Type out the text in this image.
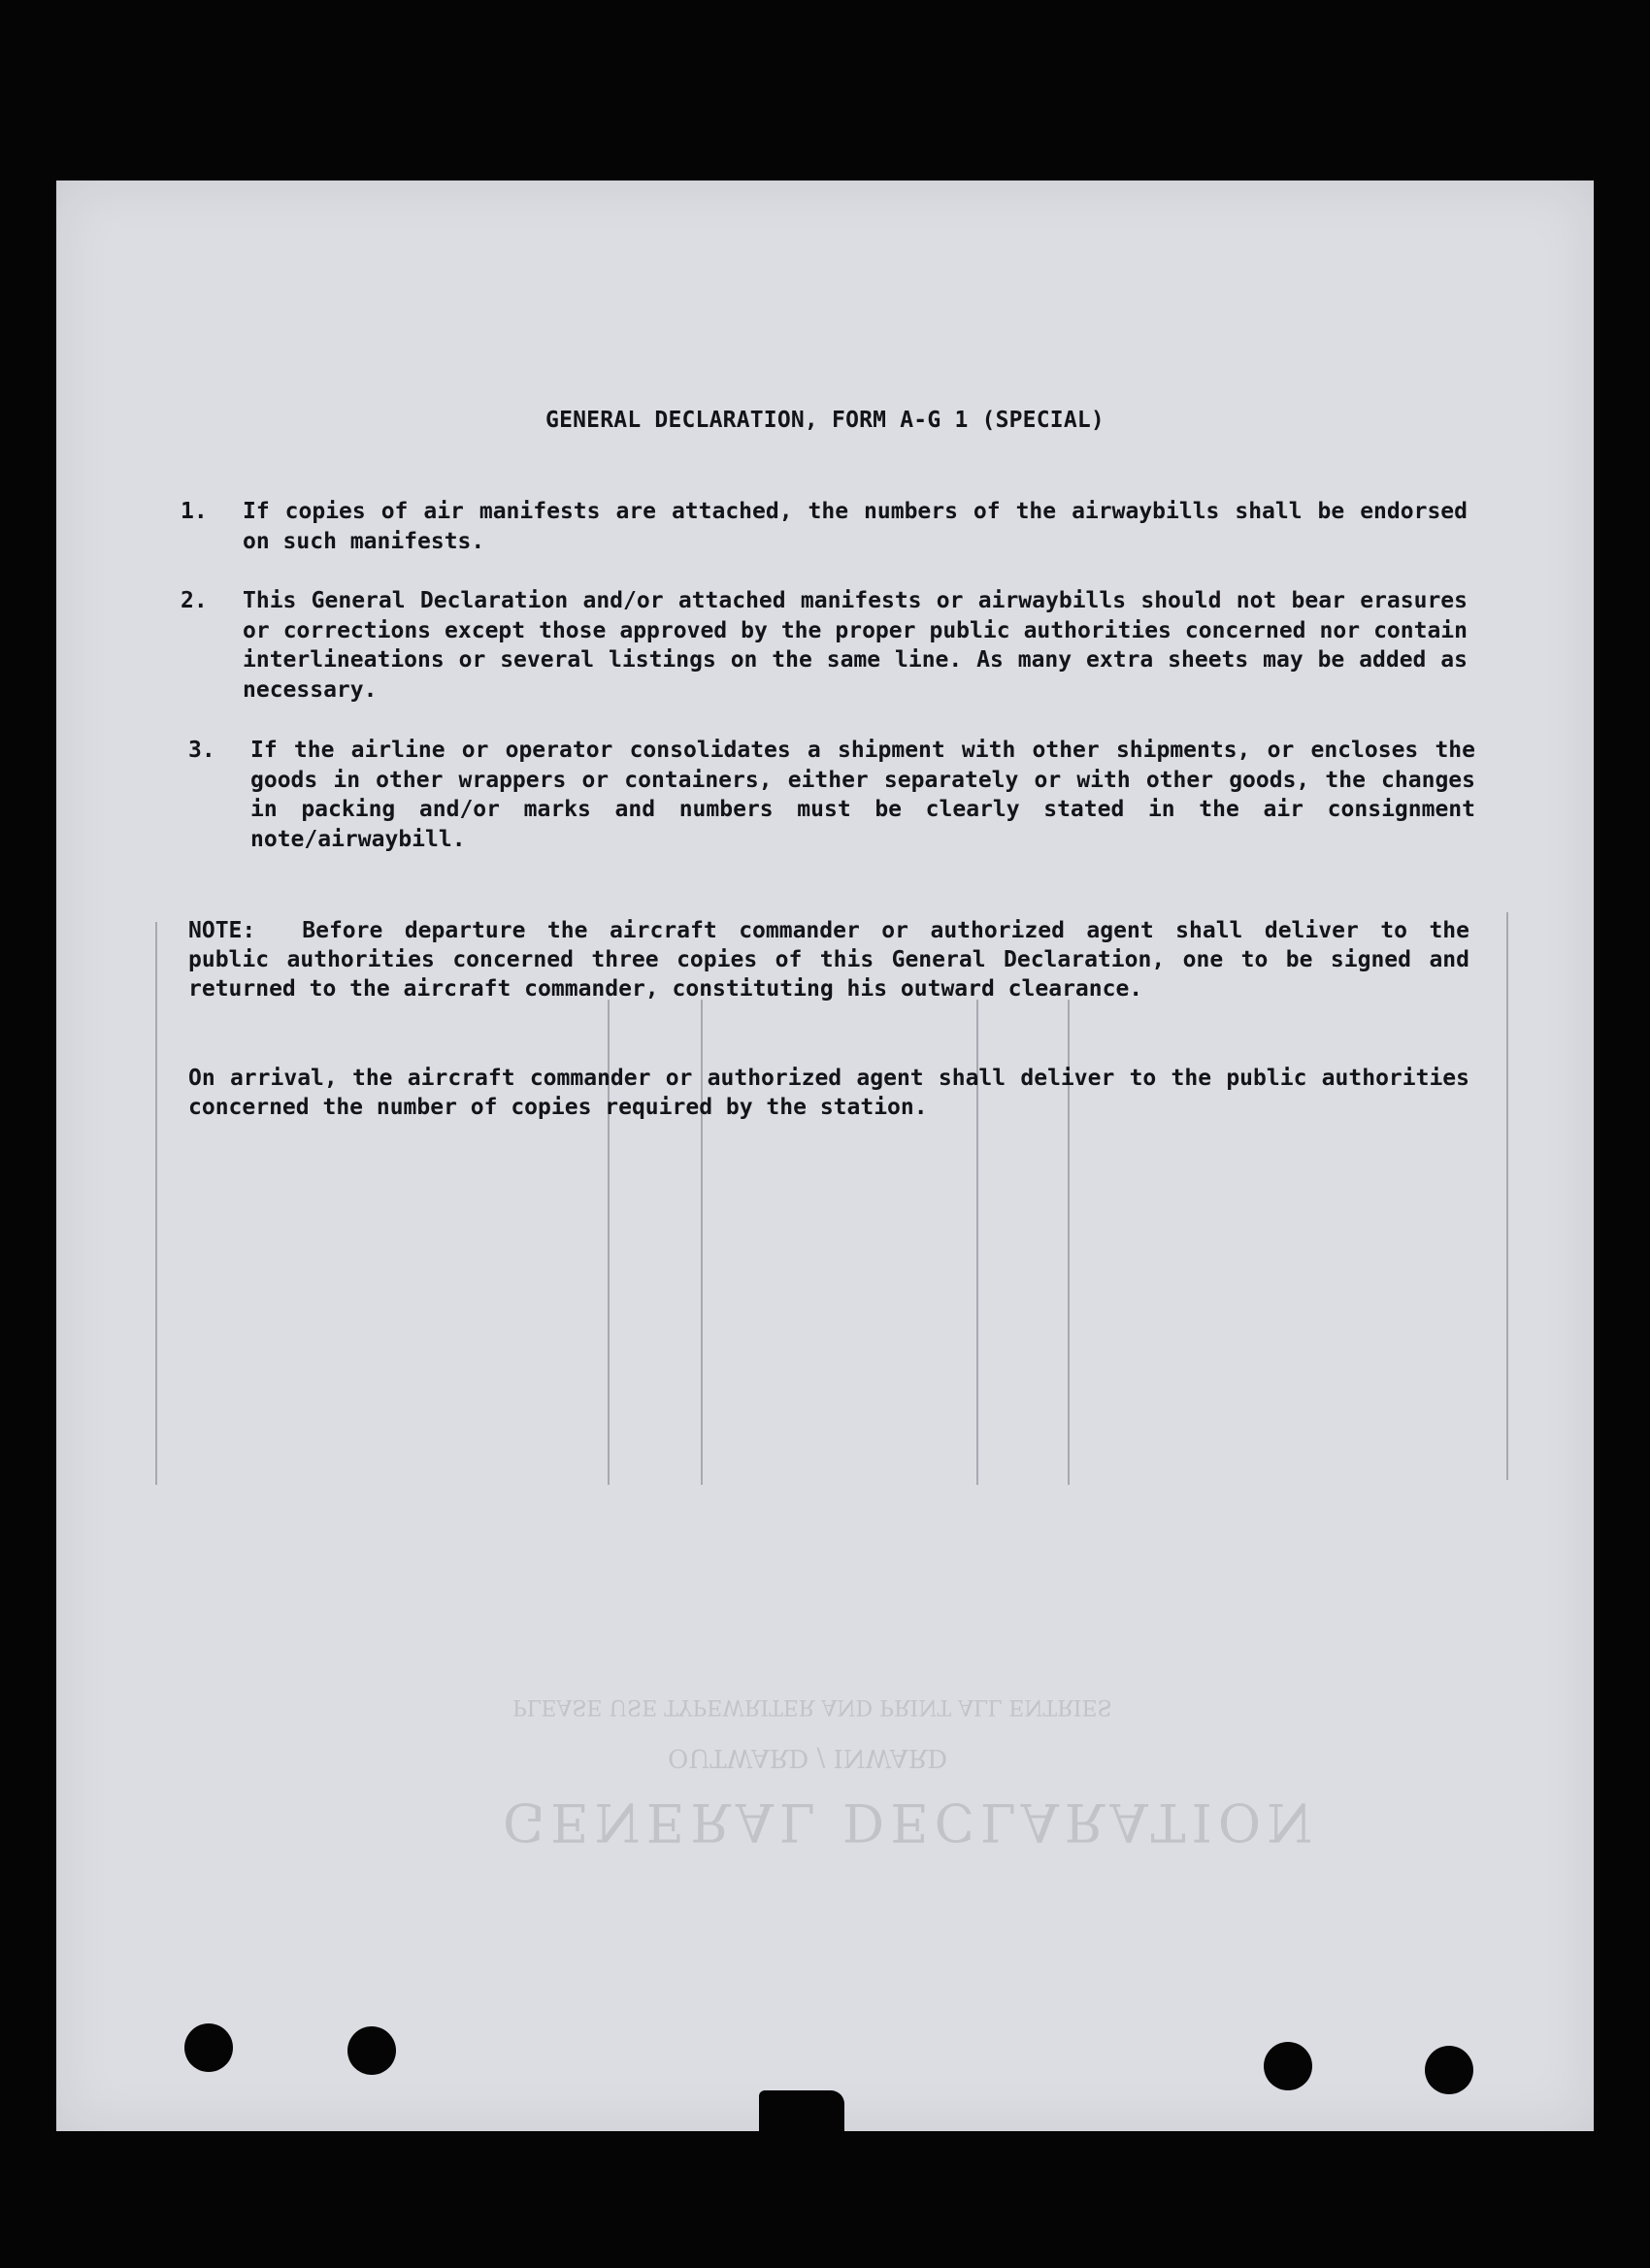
GENERAL DECLARATION
OUTWARD / INWARD
PLEASE USE TYPEWRITER AND PRINT ALL ENTRIES
GENERAL DECLARATION, FORM A-G 1 (SPECIAL)
1. If copies of air manifests are attached, the numbers of the airwaybills shall be endorsed on such manifests.
2. This General Declaration and/or attached manifests or airwaybills should not bear erasures or corrections except those approved by the proper public authorities concerned nor contain interlineations or several listings on the same line. As many extra sheets may be added as necessary.
3. If the airline or operator consolidates a shipment with other shipments, or encloses the goods in other wrappers or containers, either separately or with other goods, the changes in packing and/or marks and numbers must be clearly stated in the air consignment note/airwaybill.
NOTE: Before departure the aircraft commander or authorized agent shall deliver to the public authorities concerned three copies of this General Declaration, one to be signed and returned to the aircraft commander, constituting his outward clearance.
On arrival, the aircraft commander or authorized agent shall deliver to the public authorities concerned the number of copies required by the station.
